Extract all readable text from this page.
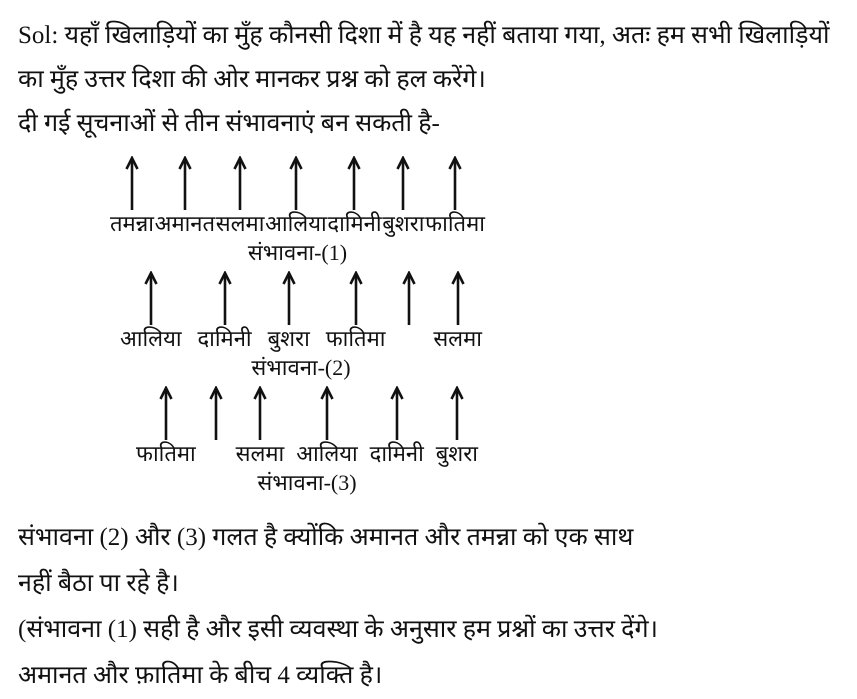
Sol: यहाँ खिलाड़ियों का मुँह कौनसी दिशा में है यह नहीं बताया गया, अतः हम सभी खिलाड़ियों

का मुँह उत्तर दिशा की ओर मानकर प्रश्न को हल करेंगे।

दी गई सूचनाओं से तीन संभावनाएं बन सकती है-

तमन्ना अमानत सलमा आलिया दामिनी बुशरा फातिमा
संभावना-(1)
आलिया दामिनी बुशरा फातिमा सलमा
संभावना-(2)
फातिमा सलमा आलिया दामिनी बुशरा
संभावना-(3)

संभावना (2) और (3) गलत है क्योंकि अमानत और तमन्ना को एक साथ

नहीं बैठा पा रहे है।

(संभावना (1) सही है और इसी व्यवस्था के अनुसार हम प्रश्नों का उत्तर देंगे।

अमानत और फ़ातिमा के बीच 4 व्यक्ति है।
